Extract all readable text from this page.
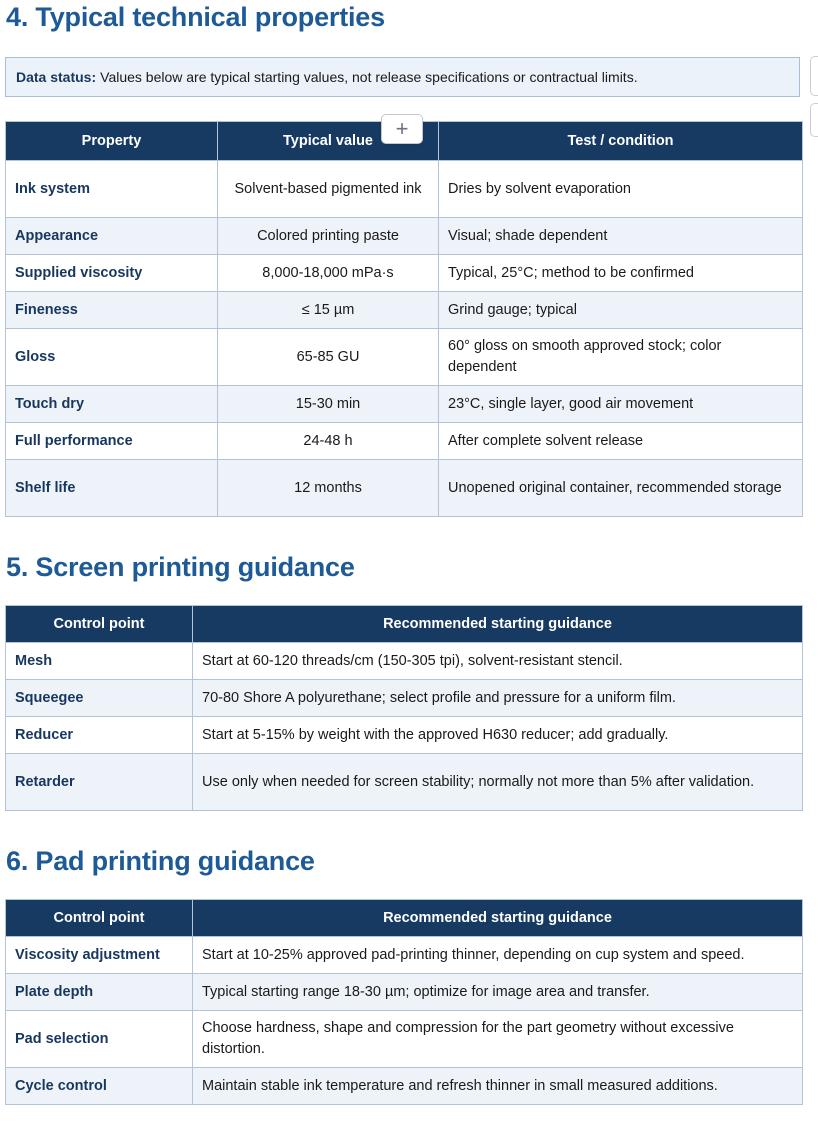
4. Typical technical properties
Data status: Values below are typical starting values, not release specifications or contractual limits.
Property	Typical value	Test / condition
Ink system	Solvent-based pigmented ink	Dries by solvent evaporation
Appearance	Colored printing paste	Visual; shade dependent
Supplied viscosity	8,000-18,000 mPa·s	Typical, 25°C; method to be confirmed
Fineness	≤ 15 µm	Grind gauge; typical
Gloss	65-85 GU	60° gloss on smooth approved stock; color dependent
Touch dry	15-30 min	23°C, single layer, good air movement
Full performance	24-48 h	After complete solvent release
Shelf life	12 months	Unopened original container, recommended storage
+
5. Screen printing guidance
Control point	Recommended starting guidance
Mesh	Start at 60-120 threads/cm (150-305 tpi), solvent-resistant stencil.
Squeegee	70-80 Shore A polyurethane; select profile and pressure for a uniform film.
Reducer	Start at 5-15% by weight with the approved H630 reducer; add gradually.
Retarder	Use only when needed for screen stability; normally not more than 5% after validation.
6. Pad printing guidance
Control point	Recommended starting guidance
Viscosity adjustment	Start at 10-25% approved pad-printing thinner, depending on cup system and speed.
Plate depth	Typical starting range 18-30 µm; optimize for image area and transfer.
Pad selection	Choose hardness, shape and compression for the part geometry without excessive distortion.
Cycle control	Maintain stable ink temperature and refresh thinner in small measured additions.
